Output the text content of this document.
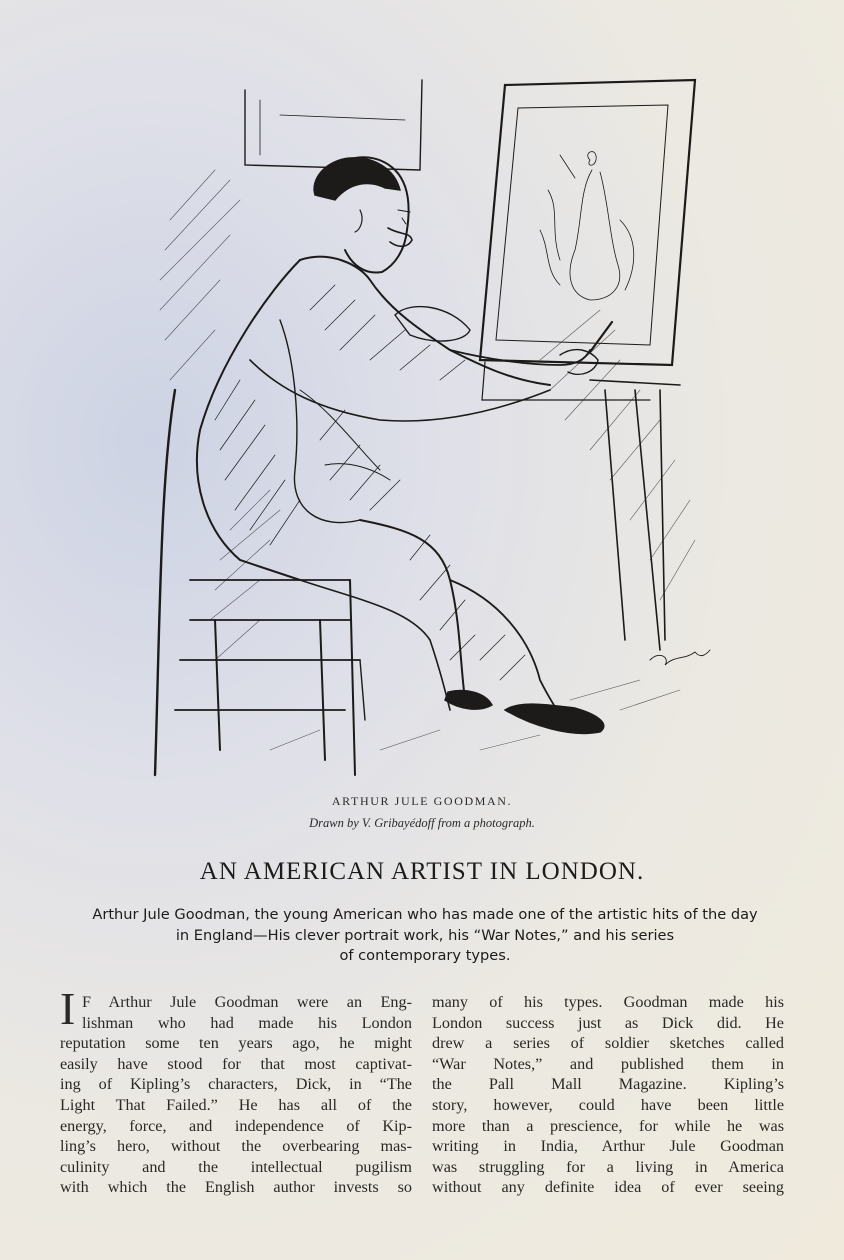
ARTHUR JULE GOODMAN.
Drawn by V. Gribayédoff from a photograph.
AN AMERICAN ARTIST IN LONDON.
Arthur Jule Goodman, the young American who has made one of the artistic hits of the day
in England—His clever portrait work, his “War Notes,” and his series
of contemporary types.
I F Arthur Jule Goodman were an Eng-
lishman who had made his London
reputation some ten years ago, he might
easily have stood for that most captivat-
ing of Kipling’s characters, Dick, in “The
Light That Failed.” He has all of the
energy, force, and independence of Kip-
ling’s hero, without the overbearing mas-
culinity and the intellectual pugilism
with which the English author invests so
many of his types. Goodman made his
London success just as Dick did. He
drew a series of soldier sketches called
“War Notes,” and published them in
the Pall Mall Magazine. Kipling’s
story, however, could have been little
more than a prescience, for while he was
writing in India, Arthur Jule Goodman
was struggling for a living in America
without any definite idea of ever seeing
